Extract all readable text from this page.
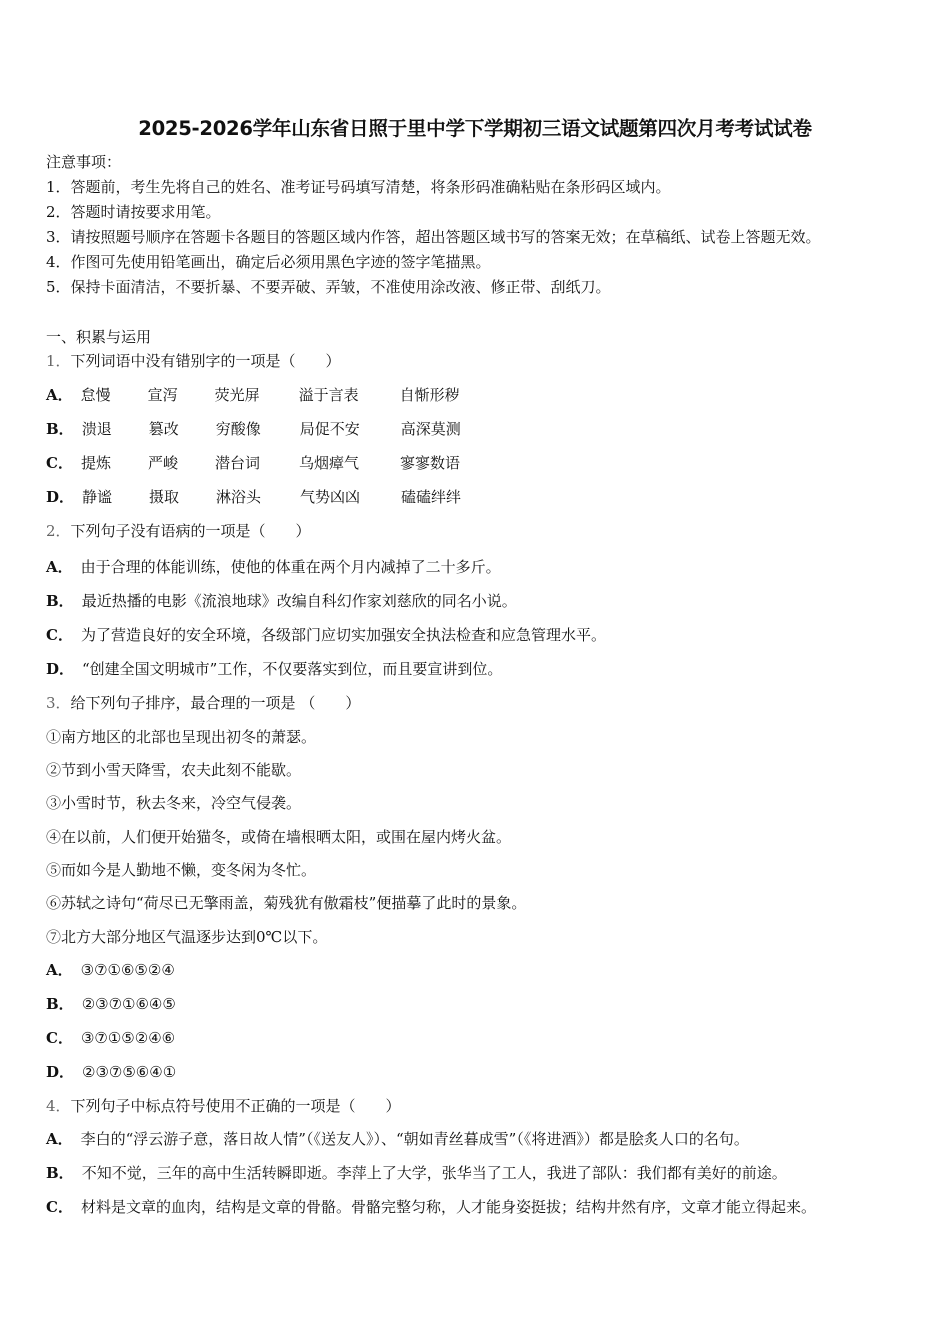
2025-2026学年山东省日照于里中学下学期初三语文试题第四次月考考试试卷
注意事项：
1．答题前，考生先将自己的姓名、准考证号码填写清楚，将条形码准确粘贴在条形码区域内。
2．答题时请按要求用笔。
3．请按照题号顺序在答题卡各题目的答题区域内作答，超出答题区域书写的答案无效；在草稿纸、试卷上答题无效。
4．作图可先使用铅笔画出，确定后必须用黑色字迹的签字笔描黑。
5．保持卡面清洁，不要折暴、不要弄破、弄皱，不准使用涂改液、修正带、刮纸刀。
一、积累与运用
1．下列词语中没有错别字的一项是（　　）
A． 怠慢 宣泻 荧光屏	溢于言表	自惭形秽
B． 溃退 篡改 穷酸像	局促不安	高深莫测
C． 提炼 严峻 潜台词	乌烟瘴气	寥寥数语
D． 静谧 摄取 淋浴头	气势凶凶	磕磕绊绊
2．下列句子没有语病的一项是（　　）
A． 由于合理的体能训练，使他的体重在两个月内减掉了二十多斤。
B． 最近热播的电影《流浪地球》改编自科幻作家刘慈欣的同名小说。
C． 为了营造良好的安全环境，各级部门应切实加强安全执法检查和应急管理水平。
D． “创建全国文明城市”工作，不仅要落实到位，而且要宣讲到位。
3．给下列句子排序，最合理的一项是 （　　）
①南方地区的北部也呈现出初冬的萧瑟。
②节到小雪天降雪，农夫此刻不能歇。
③小雪时节，秋去冬来，冷空气侵袭。
④在以前，人们便开始猫冬，或倚在墙根晒太阳，或围在屋内烤火盆。
⑤而如今是人勤地不懒，变冬闲为冬忙。
⑥苏轼之诗句“荷尽已无擎雨盖，菊残犹有傲霜枝”便描摹了此时的景象。
⑦北方大部分地区气温逐步达到0℃以下。
A． ③⑦①⑥⑤②④
B． ②③⑦①⑥④⑤
C． ③⑦①⑤②④⑥
D． ②③⑦⑤⑥④①
4．下列句子中标点符号使用不正确的一项是（　　）
A． 李白的“浮云游子意，落日故人情”（《送友人》）、“朝如青丝暮成雪”（《将进酒》）都是脍炙人口的名句。
B． 不知不觉，三年的高中生活转瞬即逝。李萍上了大学，张华当了工人，我进了部队：我们都有美好的前途。
C． 材料是文章的血肉，结构是文章的骨骼。骨骼完整匀称，人才能身姿挺拔；结构井然有序，文章才能立得起来。
